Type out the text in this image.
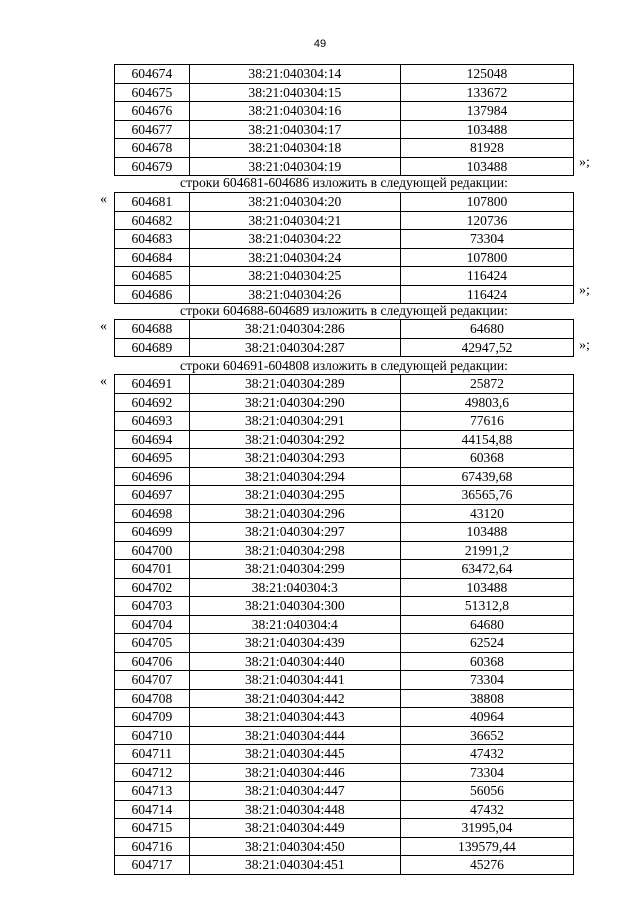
49
604674	38:21:040304:14	125048
604675	38:21:040304:15	133672
604676	38:21:040304:16	137984
604677	38:21:040304:17	103488
604678	38:21:040304:18	81928
604679	38:21:040304:19	103488	»;
строки 604681-604686 изложить в следующей редакции:
« 604681	38:21:040304:20	107800
604682	38:21:040304:21	120736
604683	38:21:040304:22	73304
604684	38:21:040304:24	107800
604685	38:21:040304:25	116424
604686	38:21:040304:26	116424	»;
строки 604688-604689 изложить в следующей редакции:
« 604688	38:21:040304:286	64680
604689	38:21:040304:287	42947,52	»;
строки 604691-604808 изложить в следующей редакции:
« 604691	38:21:040304:289	25872
604692	38:21:040304:290	49803,6
604693	38:21:040304:291	77616
604694	38:21:040304:292	44154,88
604695	38:21:040304:293	60368
604696	38:21:040304:294	67439,68
604697	38:21:040304:295	36565,76
604698	38:21:040304:296	43120
604699	38:21:040304:297	103488
604700	38:21:040304:298	21991,2
604701	38:21:040304:299	63472,64
604702	38:21:040304:3	103488
604703	38:21:040304:300	51312,8
604704	38:21:040304:4	64680
604705	38:21:040304:439	62524
604706	38:21:040304:440	60368
604707	38:21:040304:441	73304
604708	38:21:040304:442	38808
604709	38:21:040304:443	40964
604710	38:21:040304:444	36652
604711	38:21:040304:445	47432
604712	38:21:040304:446	73304
604713	38:21:040304:447	56056
604714	38:21:040304:448	47432
604715	38:21:040304:449	31995,04
604716	38:21:040304:450	139579,44
604717	38:21:040304:451	45276
